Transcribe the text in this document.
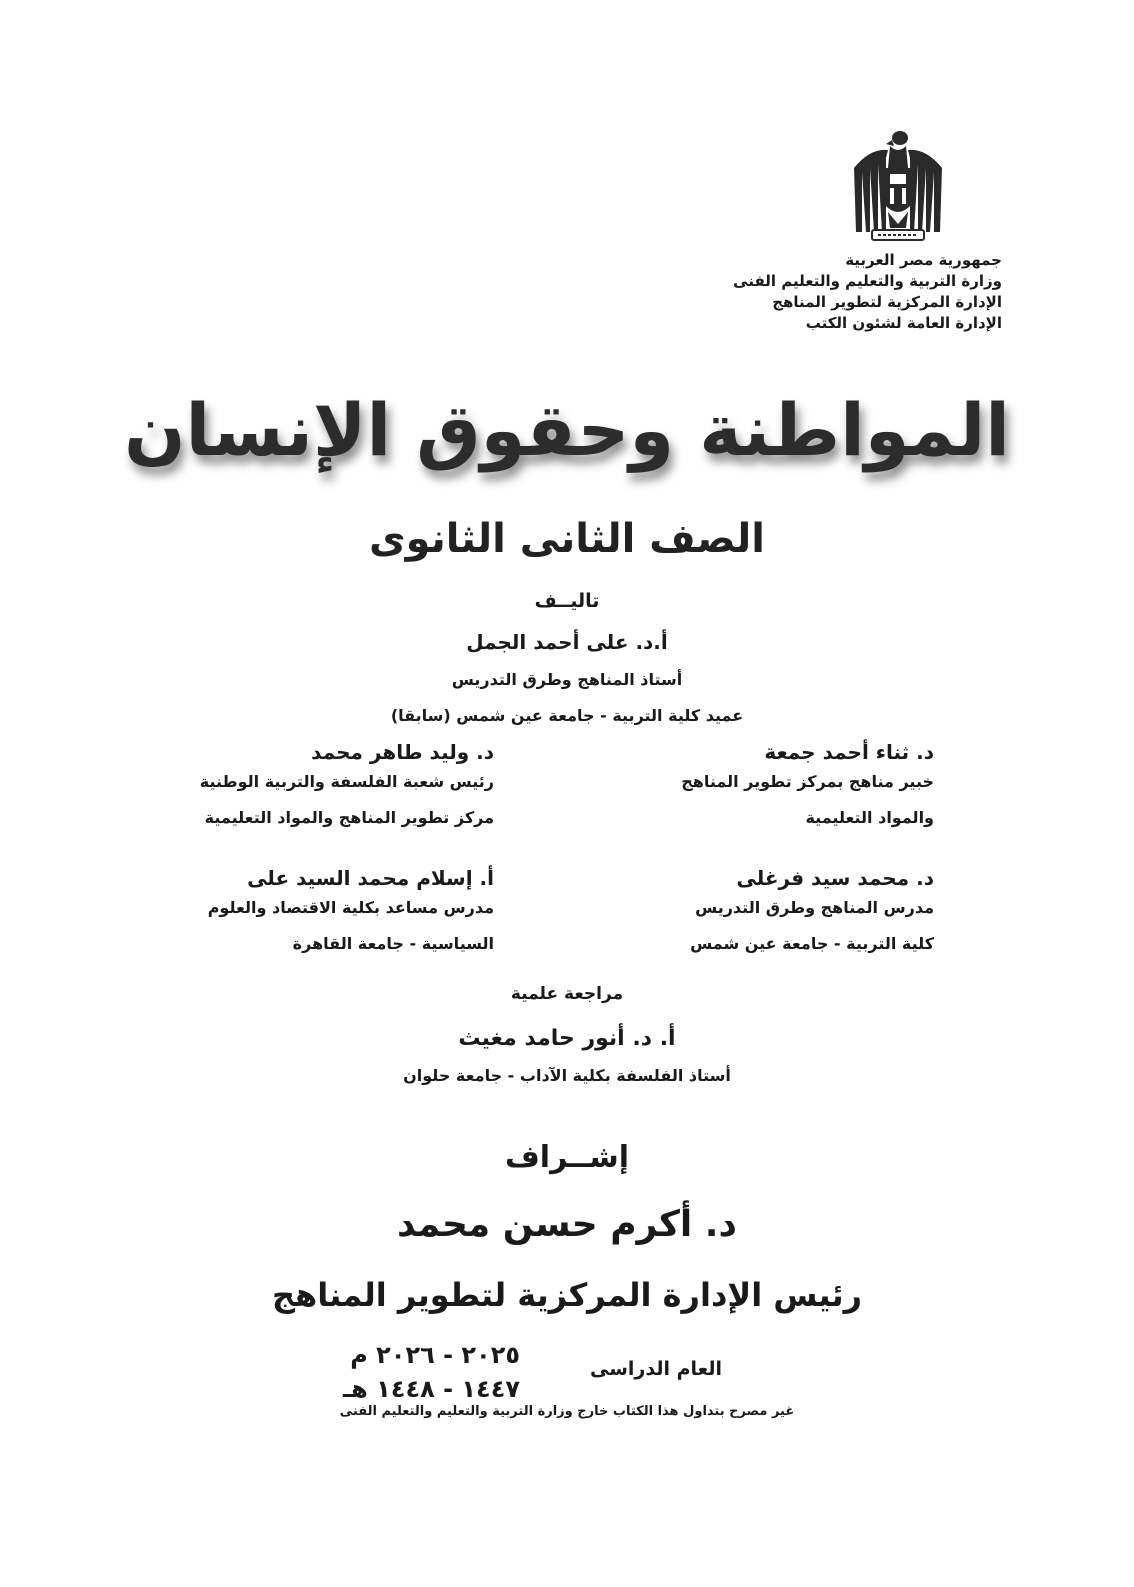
جمهورية مصر العربية
وزارة التربية والتعليم والتعليم الفنى
الإدارة المركزية لتطوير المناهج
الإدارة العامة لشئون الكتب
المواطنة وحقوق الإنسان
الصف الثانى الثانوى
تاليــف
أ.د. على أحمد الجمل
أستاذ المناهج وطرق التدريس
عميد كلية التربية - جامعة عين شمس (سابقا)
د. ثناء أحمد جمعة
خبير مناهج بمركز تطوير المناهج
والمواد التعليمية
د. وليد طاهر محمد
رئيس شعبة الفلسفة والتربية الوطنية
مركز تطوير المناهج والمواد التعليمية
د. محمد سيد فرغلى
مدرس المناهج وطرق التدريس
كلية التربية - جامعة عين شمس
أ. إسلام محمد السيد على
مدرس مساعد بكلية الاقتصاد والعلوم
السياسية - جامعة القاهرة
مراجعة علمية
أ. د. أنور حامد مغيث
أستاذ الفلسفة بكلية الآداب - جامعة حلوان
إشــراف
د. أكرم حسن محمد
رئيس الإدارة المركزية لتطوير المناهج
العام الدراسى
٢٠٢٥ - ٢٠٢٦ م
١٤٤٧ - ١٤٤٨ هـ
غير مصرح بتداول هذا الكتاب خارج وزارة التربية والتعليم والتعليم الفنى
